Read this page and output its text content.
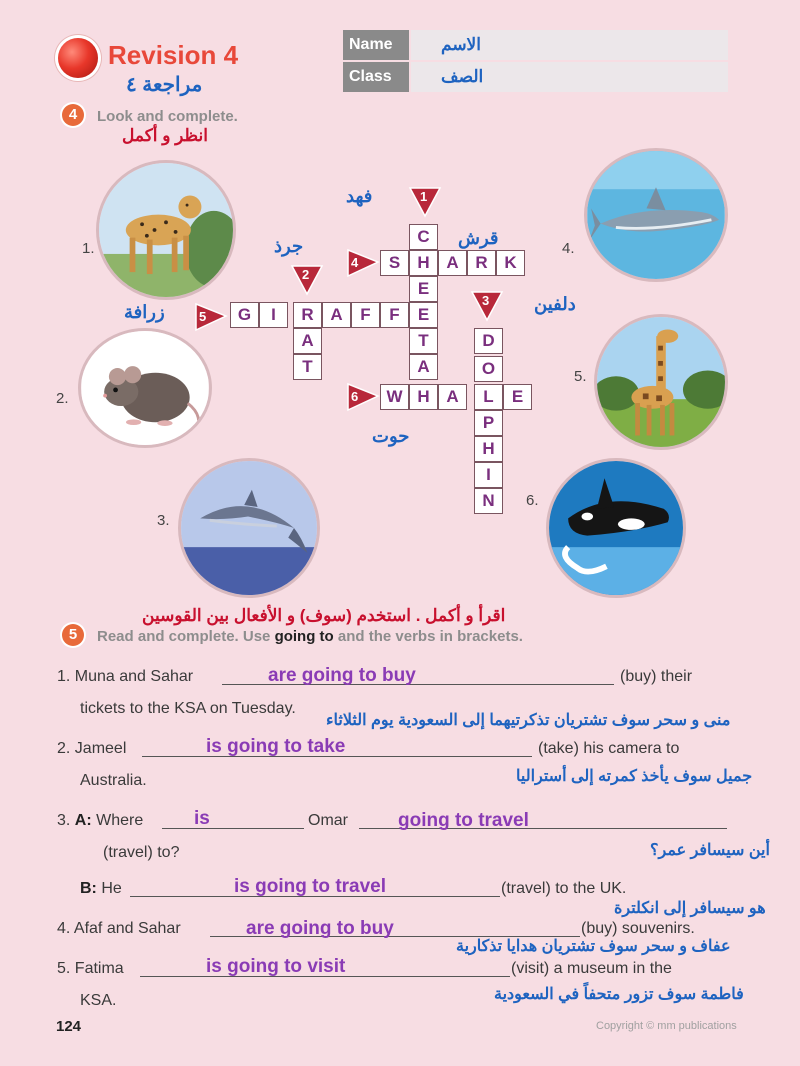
Revision 4
مراجعة ٤
Name	الاسم
Class	الصف
4	Look and complete.
انظر و أكمل
1.
2.
3.
4.
5.
6.
فهد
جرذ	قرش
زرافة	دلفين
حوت
1
2
3
4
5
6
S	H A R K
C
E
T
A
G	I	R A	F	F	E
A
T
W H A	L	E
D
O
P
H
I
N
اقرأ و أكمل . استخدم (سوف) و الأفعال بين القوسين
5	Read and complete. Use going to and the verbs in brackets.
1. Muna and Sahar	are going to buy	(buy) their
tickets to the KSA on Tuesday.
منى و سحر سوف تشتريان تذكرتيهما إلى السعودية يوم الثلاثاء
2. Jameel	is going to take	(take) his camera to
Australia.	جميل سوف يأخذ كمرته إلى أستراليا
3. A: Where	is	Omar	going to travel
(travel) to?	أين سيسافر عمر؟
B: He	is going to travel	(travel) to the UK.
هو سيسافر إلى انكلترة
4. Afaf and Sahar	are going to buy	(buy) souvenirs.
عفاف و سحر سوف تشتريان هدايا تذكارية
5. Fatima	is going to visit	(visit) a museum in the
KSA.	فاطمة سوف تزور متحفاً في السعودية
124	Copyright © mm publications
